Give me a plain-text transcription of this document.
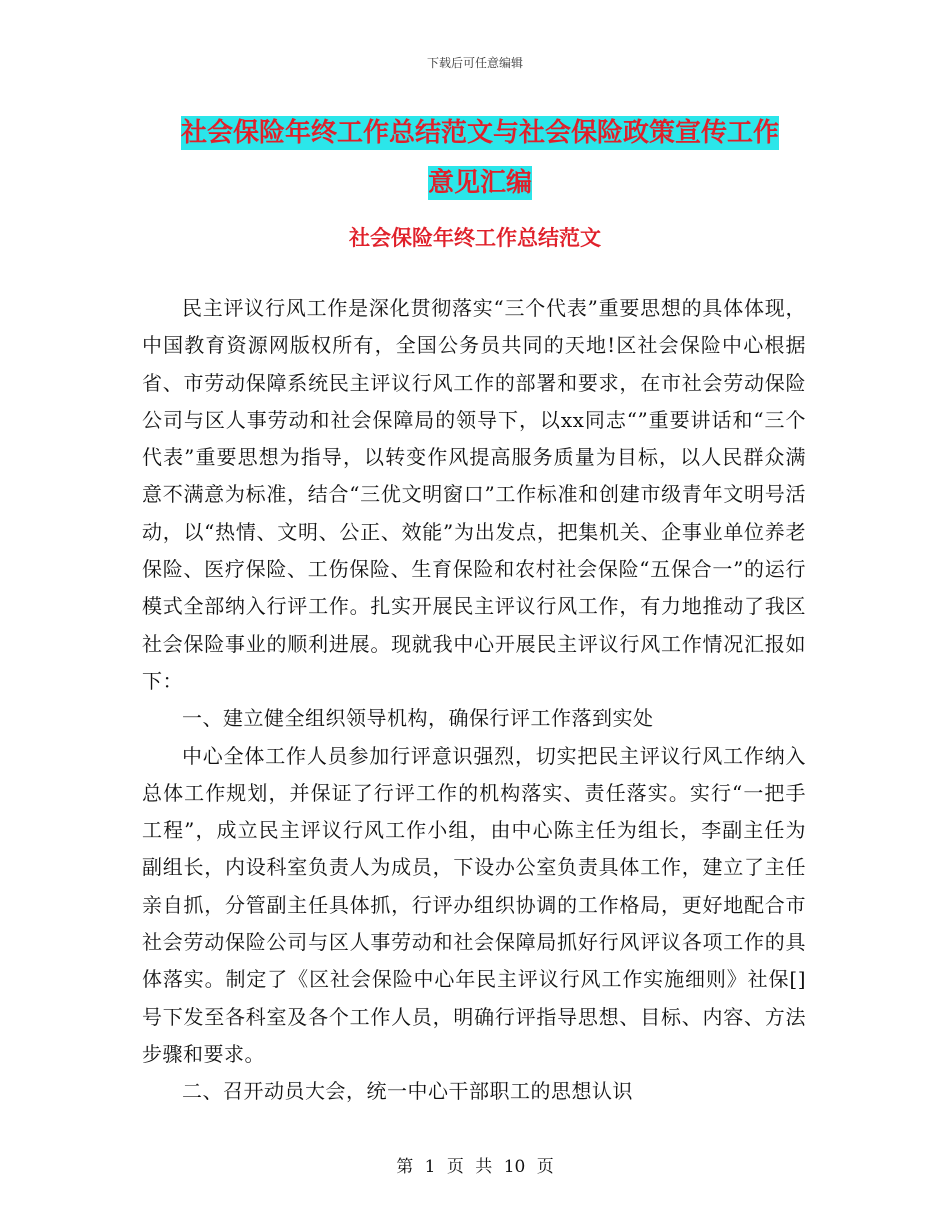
下载后可任意编辑
社会保险年终工作总结范文与社会保险政策宣传工作
意见汇编
社会保险年终工作总结范文

民主评议行风工作是深化贯彻落实“三个代表”重要思想的具体体现，中国教育资源网版权所有，全国公务员共同的天地!区社会保险中心根据省、市劳动保障系统民主评议行风工作的部署和要求，在市社会劳动保险公司与区人事劳动和社会保障局的领导下，以xx同志“”重要讲话和“三个代表”重要思想为指导，以转变作风提高服务质量为目标，以人民群众满意不满意为标准，结合“三优文明窗口”工作标准和创建市级青年文明号活动，以“热情、文明、公正、效能”为出发点，把集机关、企事业单位养老保险、医疗保险、工伤保险、生育保险和农村社会保险“五保合一”的运行模式全部纳入行评工作。扎实开展民主评议行风工作，有力地推动了我区社会保险事业的顺利进展。现就我中心开展民主评议行风工作情况汇报如下：

一、建立健全组织领导机构，确保行评工作落到实处

中心全体工作人员参加行评意识强烈，切实把民主评议行风工作纳入总体工作规划，并保证了行评工作的机构落实、责任落实。实行“一把手工程”，成立民主评议行风工作小组，由中心陈主任为组长，李副主任为副组长，内设科室负责人为成员，下设办公室负责具体工作，建立了主任亲自抓，分管副主任具体抓，行评办组织协调的工作格局，更好地配合市社会劳动保险公司与区人事劳动和社会保障局抓好行风评议各项工作的具体落实。制定了《区社会保险中心年民主评议行风工作实施细则》社保[]号下发至各科室及各个工作人员，明确行评指导思想、目标、内容、方法步骤和要求。

二、召开动员大会，统一中心干部职工的思想认识

第 1 页 共 10 页
